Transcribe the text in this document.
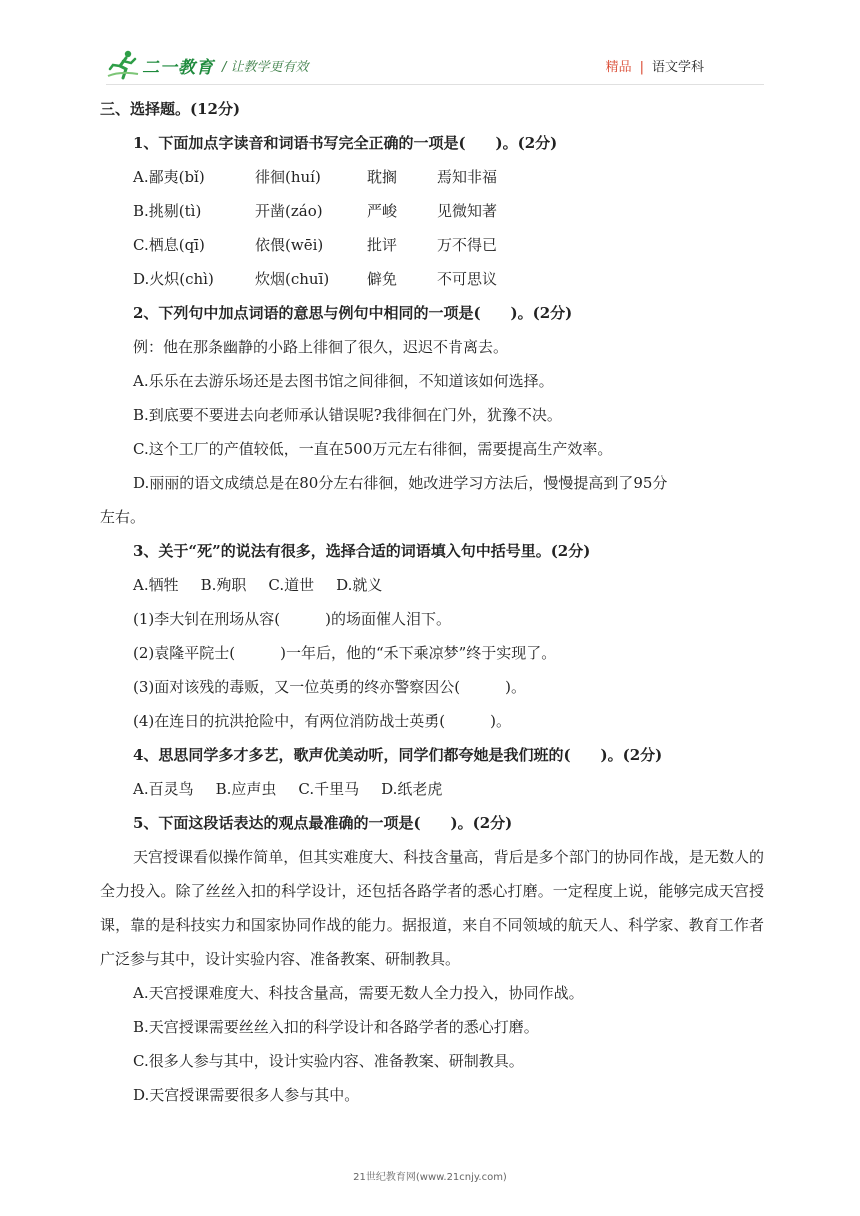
二一教育 / 让教学更有效	精品 | 语文学科
三、选择题。(12分)
1、下面加点字读音和词语书写完全正确的一项是(　　)。(2分)
A.鄙夷(bǐ)	徘徊(huí)	耽搁	焉知非福
B.挑剔(tì)	开凿(záo)	严峻	见微知著
C.栖息(qī)	依偎(wēi)	批评	万不得已
D.火炽(chì)	炊烟(chuī)	僻免	不可思议
2、下列句中加点词语的意思与例句中相同的一项是(　　)。(2分)
例：他在那条幽静的小路上徘徊了很久，迟迟不肯离去。
A.乐乐在去游乐场还是去图书馆之间徘徊，不知道该如何选择。
B.到底要不要进去向老师承认错误呢?我徘徊在门外，犹豫不决。
C.这个工厂的产值较低，一直在500万元左右徘徊，需要提高生产效率。
D.丽丽的语文成绩总是在80分左右徘徊，她改进学习方法后，慢慢提高到了95分
左右。
3、关于“死”的说法有很多，选择合适的词语填入句中括号里。(2分)
A.牺牲 B.殉职 C.道世 D.就义
(1)李大钊在刑场从容(　　　)的场面催人泪下。
(2)袁隆平院士(　　　)一年后，他的“禾下乘凉梦”终于实现了。
(3)面对该残的毒贩，又一位英勇的终亦警察因公(　　　)。
(4)在连日的抗洪抢险中，有两位消防战士英勇(　　　)。
4、思思同学多才多艺，歌声优美动听，同学们都夸她是我们班的(　　)。(2分)
A.百灵鸟 B.应声虫 C.千里马 D.纸老虎
5、下面这段话表达的观点最准确的一项是(　　)。(2分)
天宫授课看似操作简单，但其实难度大、科技含量高，背后是多个部门的协同作战，是无数人的全力投入。除了丝丝入扣的科学设计，还包括各路学者的悉心打磨。一定程度上说，能够完成天宫授课，靠的是科技实力和国家协同作战的能力。据报道，来自不同领域的航天人、科学家、教育工作者广泛参与其中，设计实验内容、准备教案、研制教具。
A.天宫授课难度大、科技含量高，需要无数人全力投入，协同作战。
B.天宫授课需要丝丝入扣的科学设计和各路学者的悉心打磨。
C.很多人参与其中，设计实验内容、准备教案、研制教具。
D.天宫授课需要很多人参与其中。
21世纪教育网(www.21cnjy.com)
